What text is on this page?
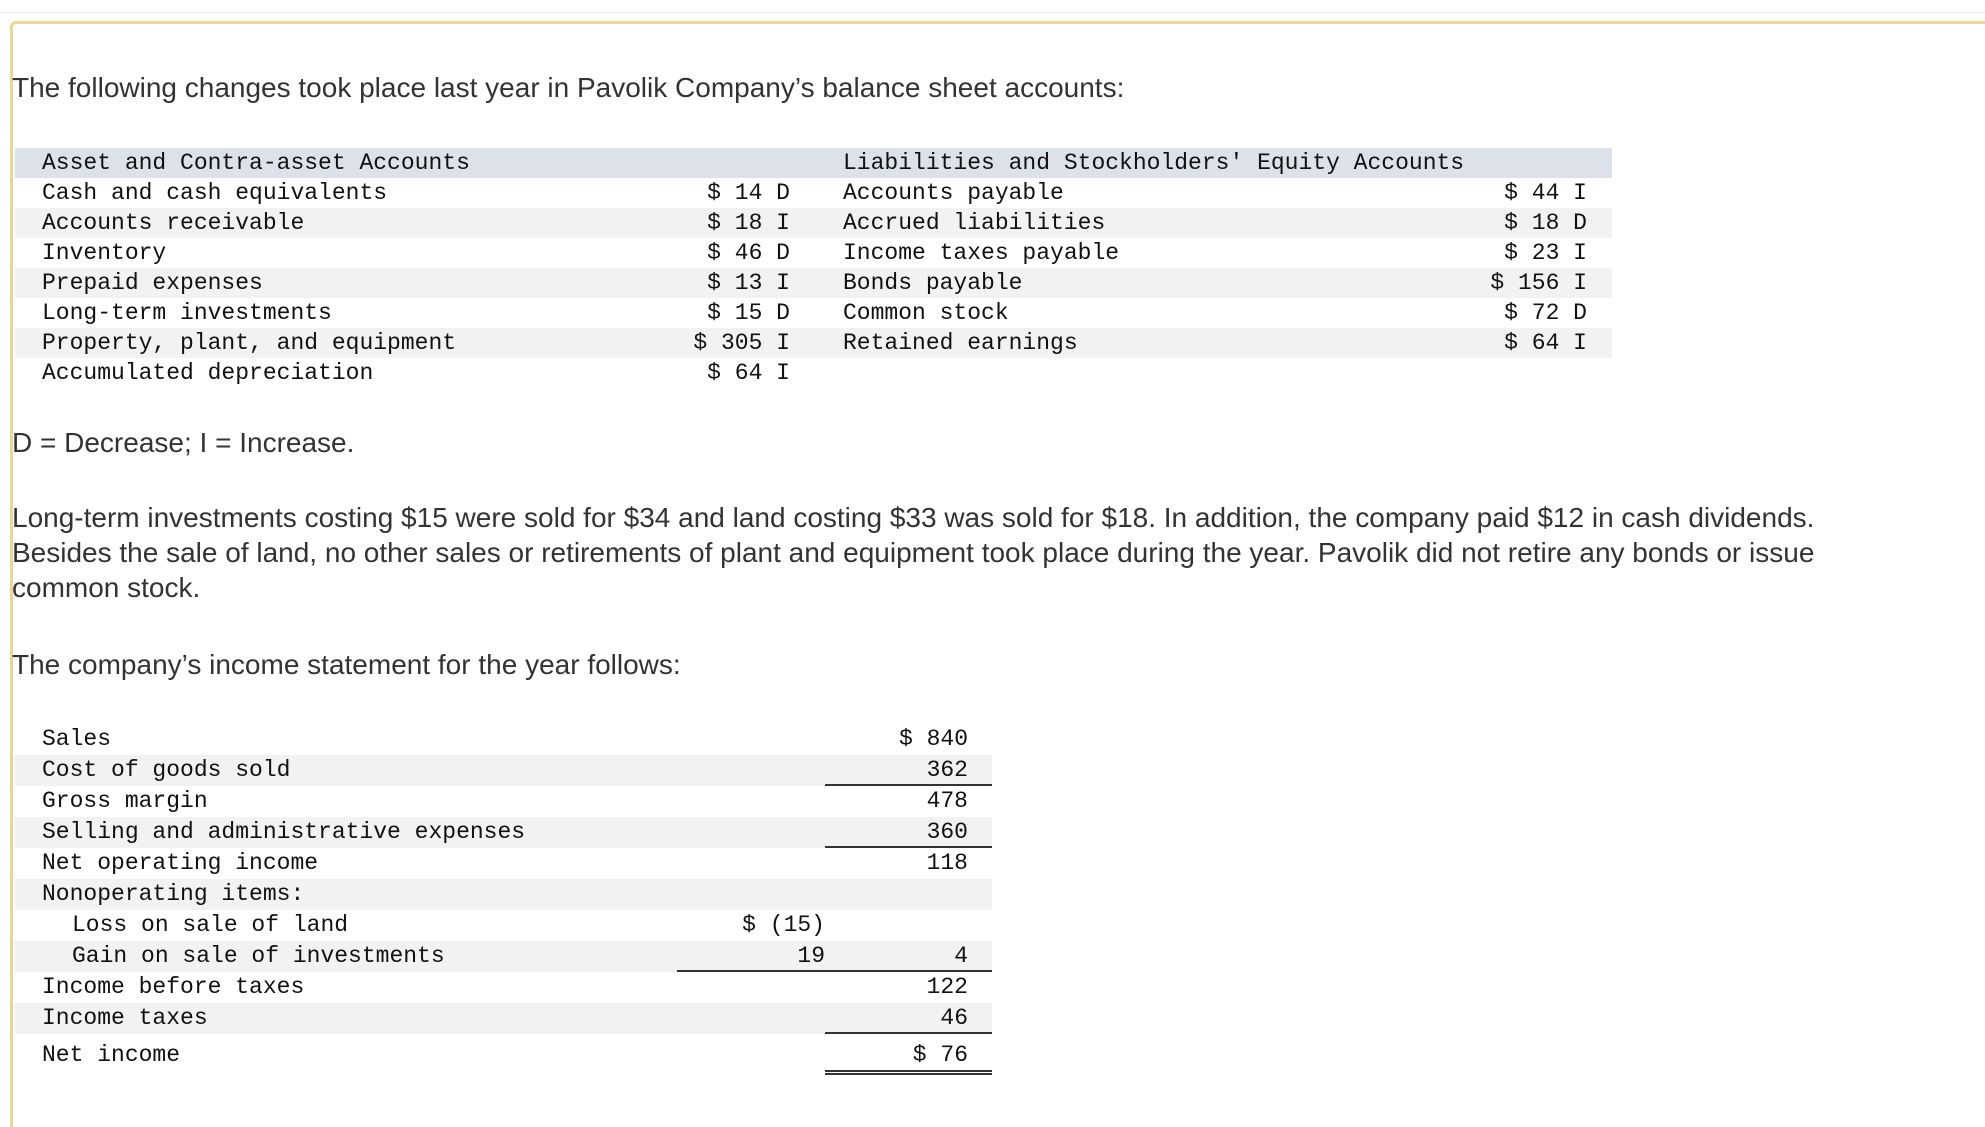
The following changes took place last year in Pavolik Company’s balance sheet accounts:

Asset and Contra-asset Accounts	Liabilities and Stockholders' Equity Accounts
Cash and cash equivalents	$ 14 D Accounts payable	$ 44 I
Accounts receivable	$ 18 I Accrued liabilities	$ 18 D
Inventory	$ 46 D Income taxes payable	$ 23 I
Prepaid expenses	$ 13 I Bonds payable	$ 156 I
Long-term investments	$ 15 D Common stock	$ 72 D
Property, plant, and equipment	$ 305 I Retained earnings	$ 64 I
Accumulated depreciation	$ 64 I

D = Decrease; I = Increase.

Long-term investments costing $15 were sold for $34 and land costing $33 was sold for $18. In addition, the company paid $12 in cash dividends. Besides the sale of land, no other sales or retirements of plant and equipment took place during the year. Pavolik did not retire any bonds or issue common stock.

The company’s income statement for the year follows:

Sales	$ 840
Cost of goods sold	362
Gross margin	478
Selling and administrative expenses	360
Net operating income	118
Nonoperating items:
Loss on sale of land	$ (15)
Gain on sale of investments	19	4
Income before taxes	122
Income taxes	46
Net income	$ 76
